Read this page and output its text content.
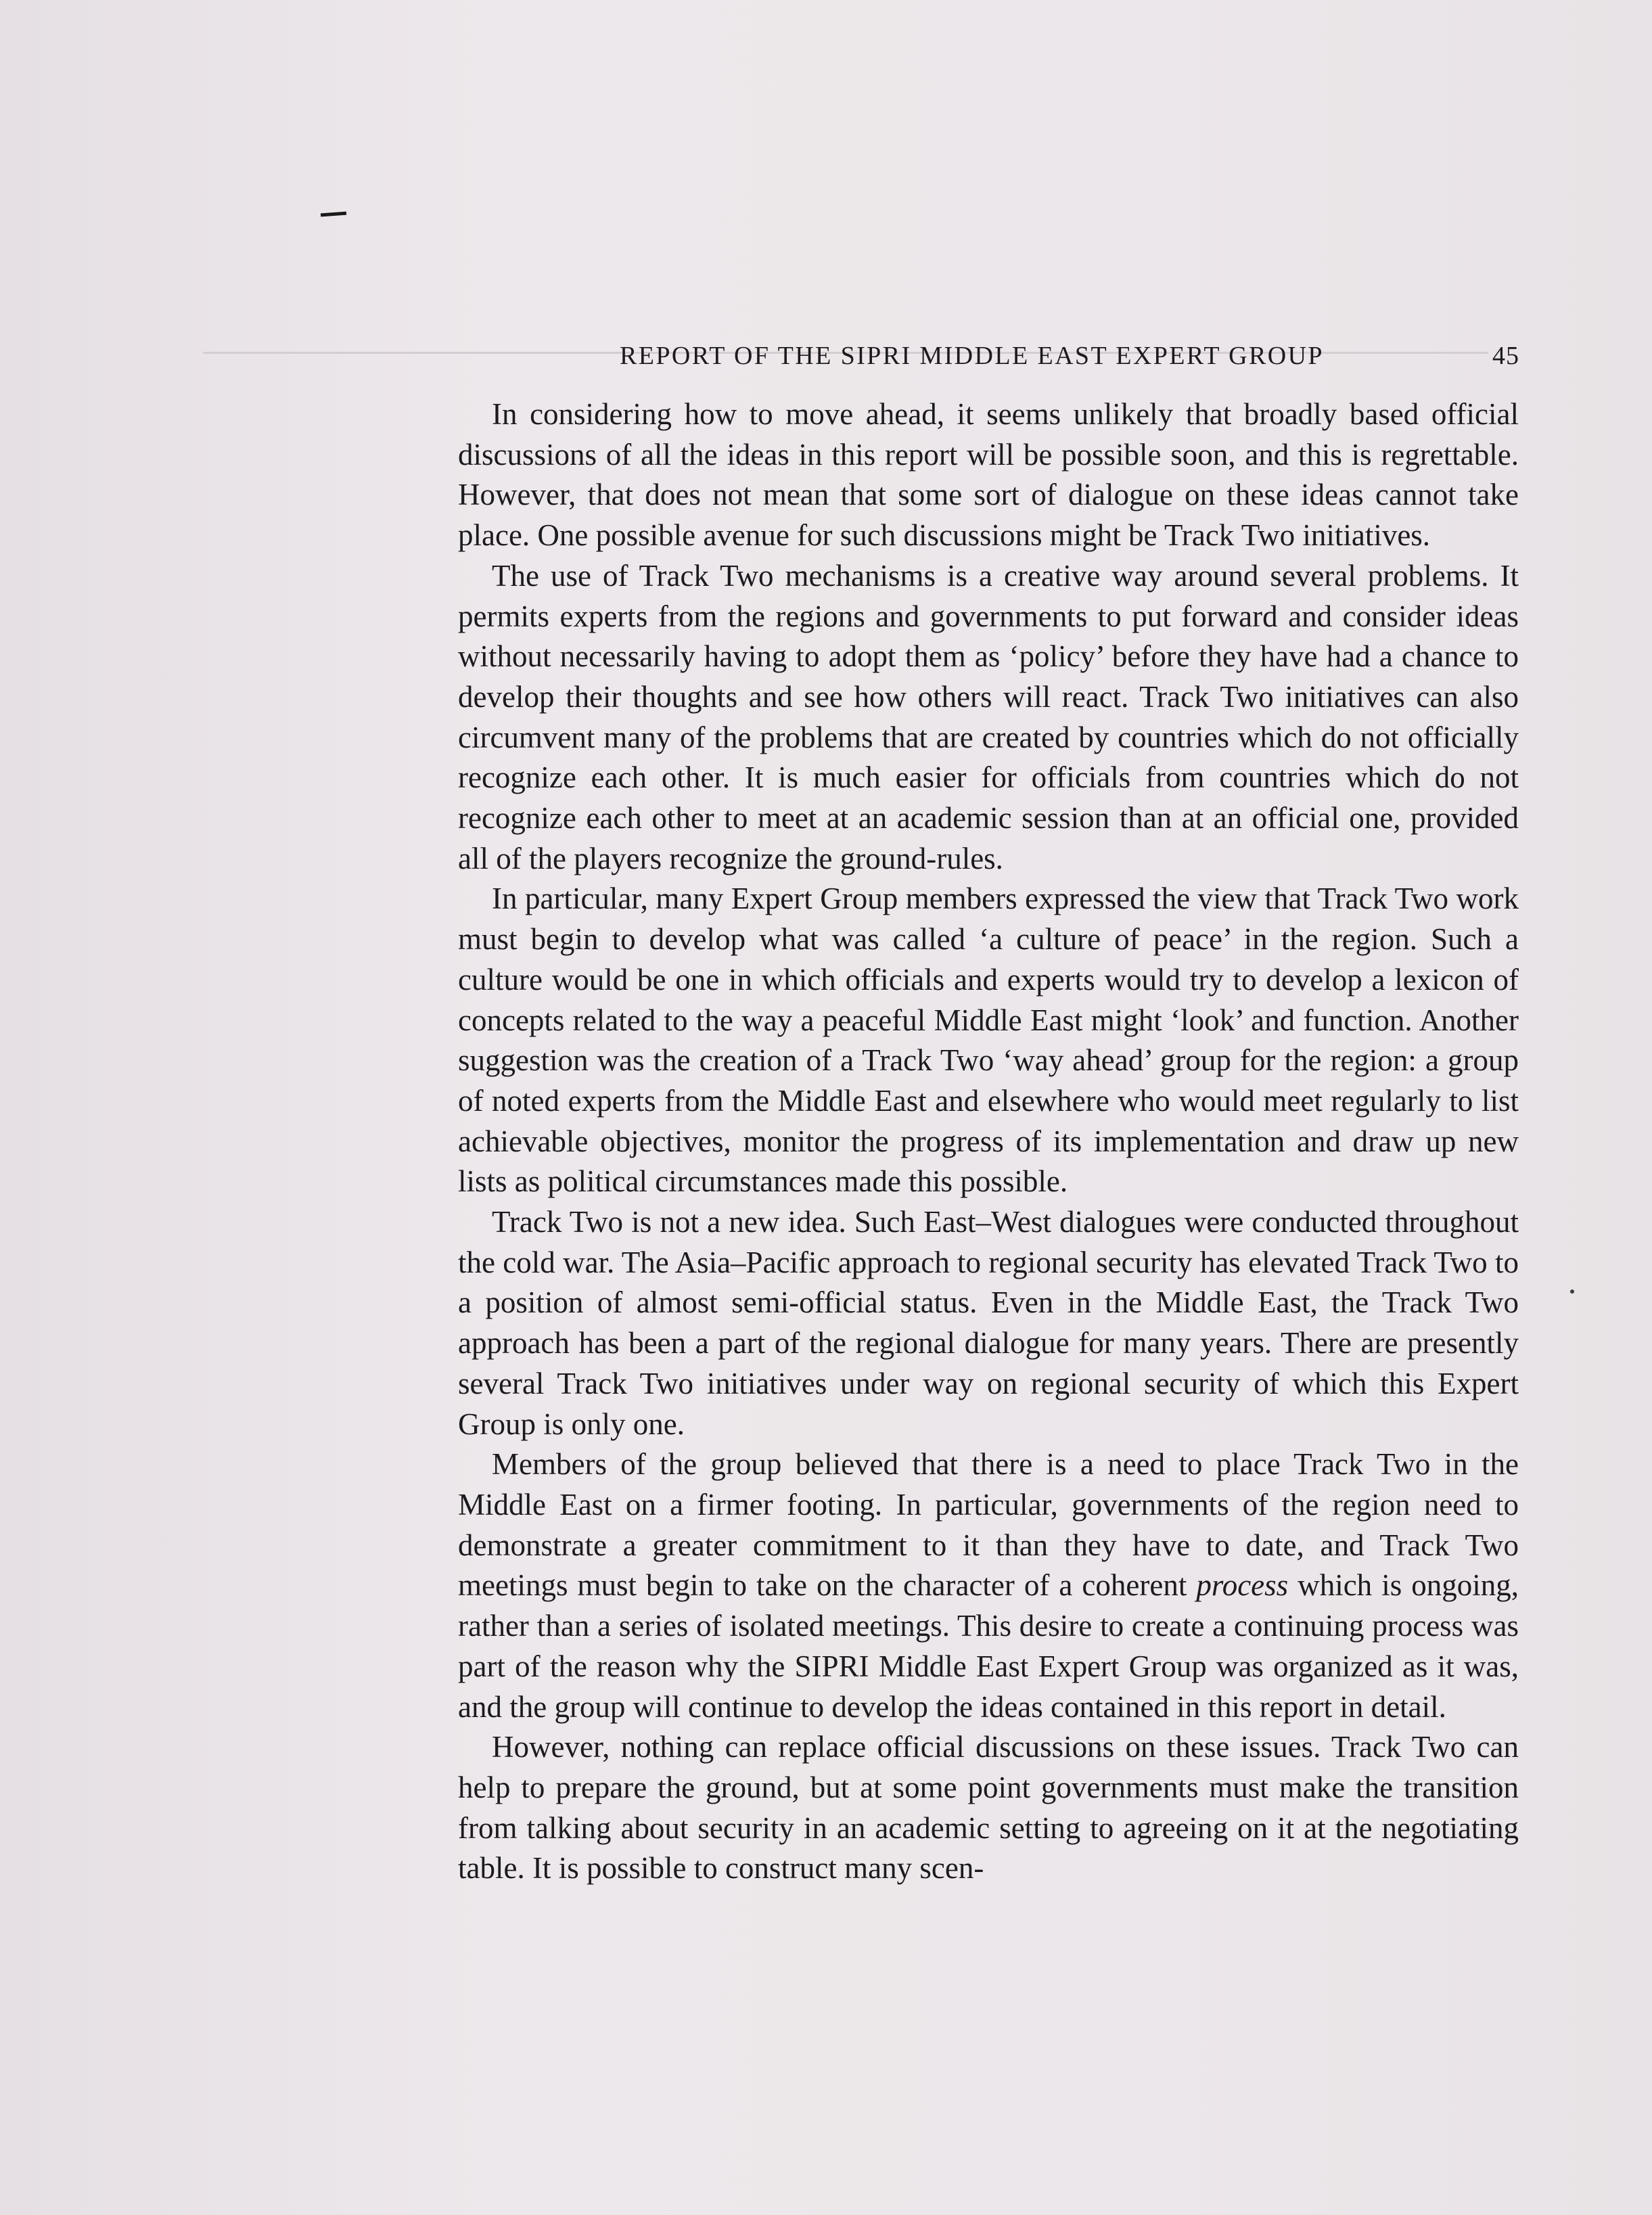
REPORT OF THE SIPRI MIDDLE EAST EXPERT GROUP	45

In considering how to move ahead, it seems unlikely that broadly based official discussions of all the ideas in this report will be possible soon, and this is regrettable. However, that does not mean that some sort of dialogue on these ideas cannot take place. One possible avenue for such discussions might be Track Two initiatives.

The use of Track Two mechanisms is a creative way around several problems. It permits experts from the regions and governments to put forward and consider ideas without necessarily having to adopt them as ‘policy’ before they have had a chance to develop their thoughts and see how others will react. Track Two initiatives can also circumvent many of the problems that are created by countries which do not officially recognize each other. It is much easier for officials from countries which do not recognize each other to meet at an academic session than at an official one, provided all of the players recognize the ground-rules.

In particular, many Expert Group members expressed the view that Track Two work must begin to develop what was called ‘a culture of peace’ in the region. Such a culture would be one in which officials and experts would try to develop a lexicon of concepts related to the way a peaceful Middle East might ‘look’ and function. Another suggestion was the creation of a Track Two ‘way ahead’ group for the region: a group of noted experts from the Middle East and elsewhere who would meet regularly to list achievable objectives, monitor the progress of its implementation and draw up new lists as political circumstances made this possible.

Track Two is not a new idea. Such East–West dialogues were conducted throughout the cold war. The Asia–Pacific approach to regional security has elevated Track Two to a position of almost semi-official status. Even in the Middle East, the Track Two approach has been a part of the regional dialogue for many years. There are presently several Track Two initiatives under way on regional security of which this Expert Group is only one.

Members of the group believed that there is a need to place Track Two in the Middle East on a firmer footing. In particular, governments of the region need to demonstrate a greater commitment to it than they have to date, and Track Two meetings must begin to take on the character of a coherent process which is ongoing, rather than a series of isolated meetings. This desire to create a continuing process was part of the reason why the SIPRI Middle East Expert Group was organized as it was, and the group will continue to develop the ideas contained in this report in detail.

However, nothing can replace official discussions on these issues. Track Two can help to prepare the ground, but at some point governments must make the transition from talking about security in an academic setting to agreeing on it at the negotiating table. It is possible to construct many scen-
